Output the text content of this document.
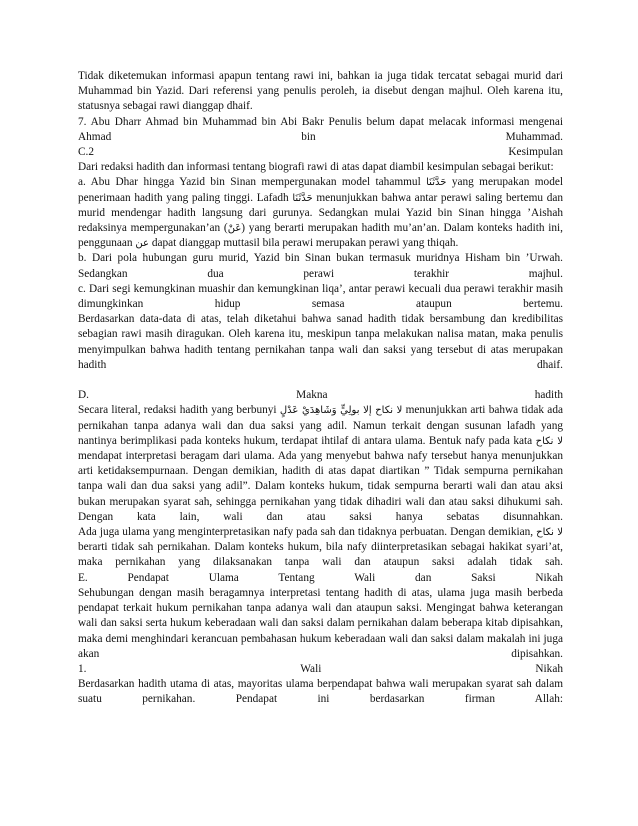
Tidak diketemukan informasi apapun tentang rawi ini, bahkan ia juga tidak tercatat sebagai murid dari Muhammad bin Yazid. Dari referensi yang penulis peroleh, ia disebut dengan majhul. Oleh karena itu, statusnya sebagai rawi dianggap dhaif.

7. Abu Dharr Ahmad bin Muhammad bin Abi Bakr Penulis belum dapat melacak informasi mengenai Ahmad bin Muhammad.

C.2 Kesimpulan

Dari redaksi hadith dan informasi tentang biografi rawi di atas dapat diambil kesimpulan sebagai berikut:

a. Abu Dhar hingga Yazid bin Sinan mempergunakan model tahammul حَدَّثَنَا yang merupakan model penerimaan hadith yang paling tinggi. Lafadh حَدَّثَنَا menunjukkan bahwa antar perawi saling bertemu dan murid mendengar hadith langsung dari gurunya. Sedangkan mulai Yazid bin Sinan hingga ’Aishah redaksinya mempergunakan’an (عَنْ) yang berarti merupakan hadith mu’an’an. Dalam konteks hadith ini, penggunaan عن dapat dianggap muttasil bila perawi merupakan perawi yang thiqah.

b. Dari pola hubungan guru murid, Yazid bin Sinan bukan termasuk muridnya Hisham bin ’Urwah. Sedangkan dua perawi terakhir majhul.

c. Dari segi kemungkinan muashir dan kemungkinan liqa’, antar perawi kecuali dua perawi terakhir masih dimungkinkan hidup semasa ataupun bertemu.

Berdasarkan data-data di atas, telah diketahui bahwa sanad hadith tidak bersambung dan kredibilitas sebagian rawi masih diragukan. Oleh karena itu, meskipun tanpa melakukan nalisa matan, maka penulis menyimpulkan bahwa hadith tentang pernikahan tanpa wali dan saksi yang tersebut di atas merupakan hadith dhaif.

D. Makna hadith

Secara literal, redaksi hadith yang berbunyi لا نكاح إلا بولِيٍّ وَشَاهِدَيْ عَدْلٍ menunjukkan arti bahwa tidak ada pernikahan tanpa adanya wali dan dua saksi yang adil. Namun terkait dengan susunan lafadh yang nantinya berimplikasi pada konteks hukum, terdapat ihtilaf di antara ulama. Bentuk nafy pada kata لا نكاح mendapat interpretasi beragam dari ulama. Ada yang menyebut bahwa nafy tersebut hanya menunjukkan arti ketidaksempurnaan. Dengan demikian, hadith di atas dapat diartikan ” Tidak sempurna pernikahan tanpa wali dan dua saksi yang adil”. Dalam konteks hukum, tidak sempurna berarti wali dan atau aksi bukan merupakan syarat sah, sehingga pernikahan yang tidak dihadiri wali dan atau saksi dihukumi sah. Dengan kata lain, wali dan atau saksi hanya sebatas disunnahkan.

Ada juga ulama yang menginterpretasikan nafy pada sah dan tidaknya perbuatan. Dengan demikian, لا نكاح berarti tidak sah pernikahan. Dalam konteks hukum, bila nafy diinterpretasikan sebagai hakikat syari’at, maka pernikahan yang dilaksanakan tanpa wali dan ataupun saksi adalah tidak sah.

E. Pendapat Ulama Tentang Wali dan Saksi Nikah

Sehubungan dengan masih beragamnya interpretasi tentang hadith di atas, ulama juga masih berbeda pendapat terkait hukum pernikahan tanpa adanya wali dan ataupun saksi. Mengingat bahwa keterangan wali dan saksi serta hukum keberadaan wali dan saksi dalam pernikahan dalam beberapa kitab dipisahkan, maka demi menghindari kerancuan pembahasan hukum keberadaan wali dan saksi dalam makalah ini juga akan dipisahkan.

1. Wali Nikah

Berdasarkan hadith utama di atas, mayoritas ulama berpendapat bahwa wali merupakan syarat sah dalam suatu pernikahan. Pendapat ini berdasarkan firman Allah:
